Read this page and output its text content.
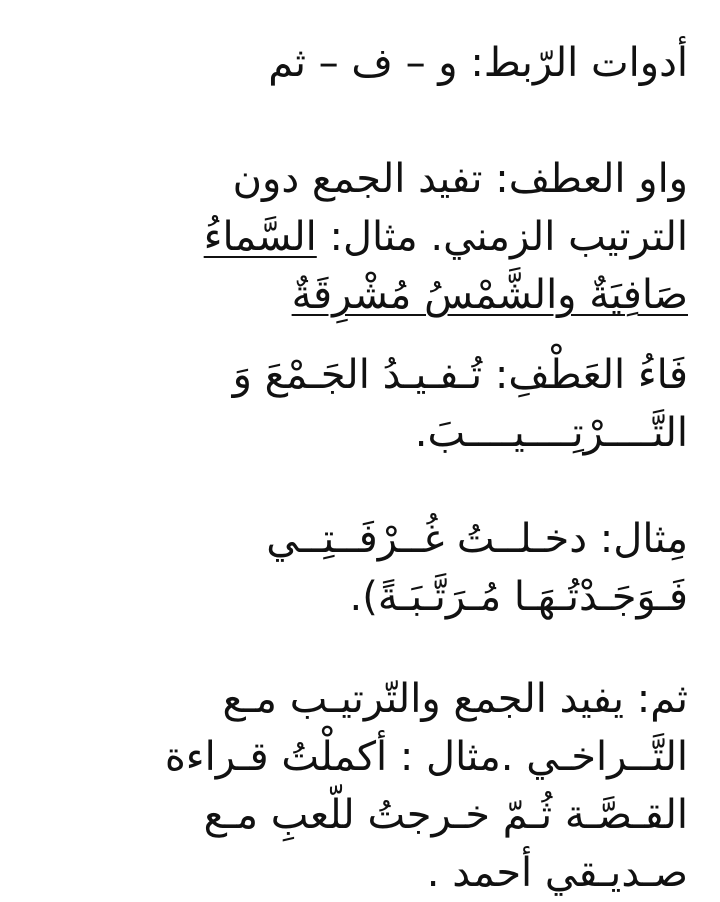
أدوات الرّبط: و – ف – ثم
واو العطف: تفيد الجمع دون
الترتيب الزمني. مثال: السَّماءُ
صَافِيَةٌ والشَّمْسُ مُشْرِقَةٌ
فَاءُ العَطْفِ: تُـفـيـدُ الجَـمْعَ وَ
التَّــــرْتِــــيــــبَ.
مِثال: دخـلــتُ غُــرْفَــتِــي
فَـوَجَـدْتُـهَـا مُـرَتَّـبَـةً).
ثم: يفيد الجمع والتّرتيـب مـع
التَّــراخـي .مثال : أكملْتُ قـراءة
القـصَّـة ثُـمّ خـرجتُ للّعبِ مـع
صـديـقي أحمد .
